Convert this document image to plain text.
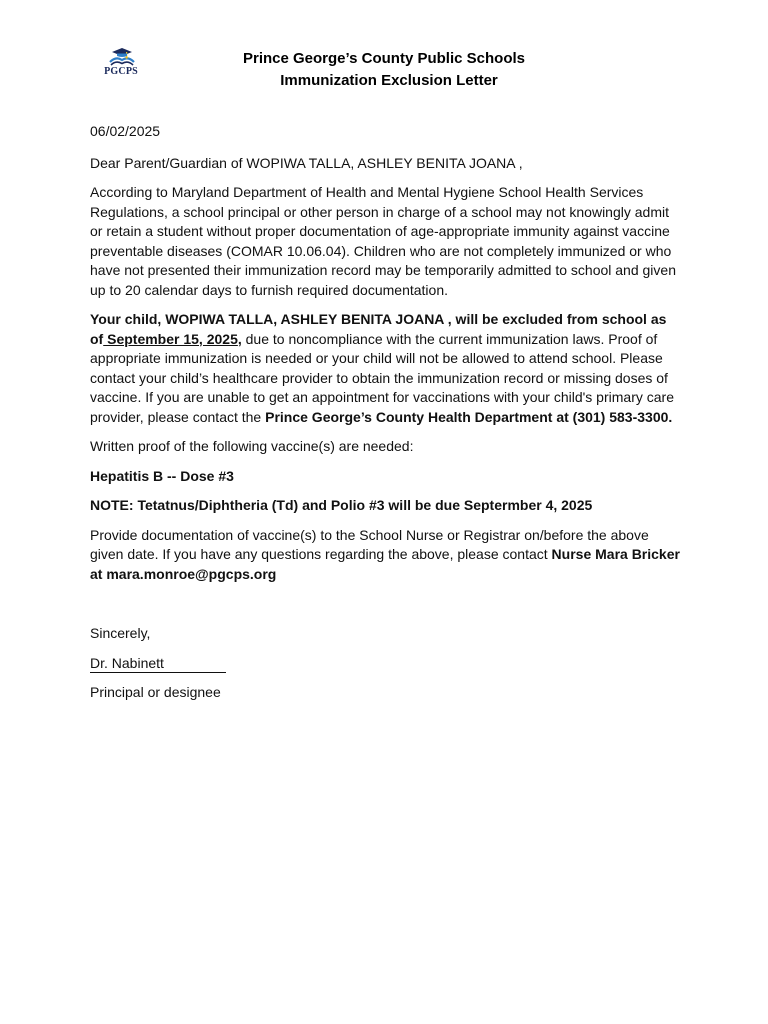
PGCPS
Prince George’s County Public Schools
Immunization Exclusion Letter

06/02/2025

Dear Parent/Guardian of WOPIWA TALLA, ASHLEY BENITA JOANA ,

According to Maryland Department of Health and Mental Hygiene School Health Services Regulations, a school principal or other person in charge of a school may not knowingly admit or retain a student without proper documentation of age-appropriate immunity against vaccine preventable diseases (COMAR 10.06.04). Children who are not completely immunized or who have not presented their immunization record may be temporarily admitted to school and given up to 20 calendar days to furnish required documentation.

Your child, WOPIWA TALLA, ASHLEY BENITA JOANA , will be excluded from school as of September 15, 2025, due to noncompliance with the current immunization laws. Proof of appropriate immunization is needed or your child will not be allowed to attend school. Please contact your child’s healthcare provider to obtain the immunization record or missing doses of vaccine. If you are unable to get an appointment for vaccinations with your child's primary care provider, please contact the Prince George’s County Health Department at (301) 583-3300.

Written proof of the following vaccine(s) are needed:

Hepatitis B -- Dose #3

NOTE: Tetatnus/Diphtheria (Td) and Polio #3 will be due Septermber 4, 2025

Provide documentation of vaccine(s) to the School Nurse or Registrar on/before the above given date. If you have any questions regarding the above, please contact Nurse Mara Bricker at mara.monroe@pgcps.org

Sincerely,

Dr. Nabinett

Principal or designee
